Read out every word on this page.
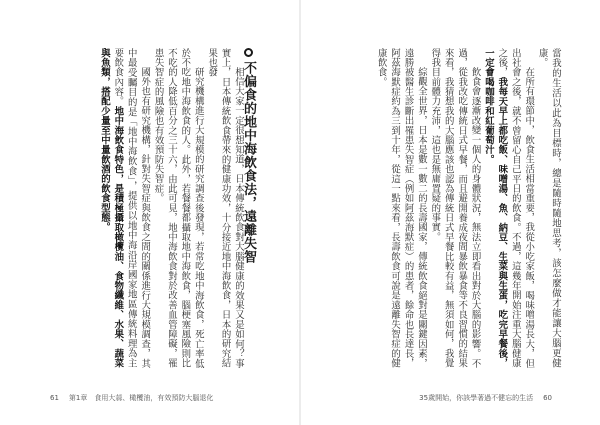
相信大家一定很想知道，日本傳統飲食對大腦健康的效果又是如何？事實上，日本傳統飲食帶來的健康功效，十分接近地中海飲食，日本的研究結果也發

研究機構進行大規模的研究調查後發現，若常吃地中海飲食，死亡率低於不吃地中海飲食的人。此外，若餐餐都攝取地中海飲食，腦梗塞風險則比不吃的人降低百分之三十六，由此可見，地中海飲食對於改善血管障礙，罹患失智症的風險也有效預防失智症。

國外也有研究機構，針對失智症與飲食之間的關係進行大規模調查，其中最受矚目的是「地中海飲食」，提供以地中海沿岸國家地區傳統料理為主要飲食內容。地中海飲食特色，是積極攝取橄欖油、食物纖維、水果、蔬菜與魚類，搭配少量至中量飲酒的飲食型態。	不偏食的地中海飲食法，遠離失智
61 第1章　食用大蒜、橄欖油，有效預防大腦退化

當我的生活以此為目標時，總是隨時隨地思考，該怎麼做才能讓大腦更健康。

在所有環節中，飲食生活相當重要，我從小吃家飯，喝味噌湯長大，但出社會之後，就不曾留心自己平日的飲食。不過，這幾年開始注重大腦健康之後，我每天早上都吃飯、味噌湯、魚、納豆、生菜與生蛋，吃完早餐後，一定會喝咖啡和紅葡萄汁。

飲食會逐漸改變一個人的身體狀況，無法立即看出對於大腦的影響。不過，從我改吃傳統日式早餐，而且避開養成夜間暴飲暴食等不良習慣的結果來看，我猜想我的大腦應該也認為傳統日式早餐比較有益，無須如何，我覺得我目前體力充沛，這也是無庸置疑的事實。

綜觀全世界，日本是數一數二的長壽國家，傳統飲食絕對是關鍵因素，遠勝被醫生診斷出罹患失智症（例如阿茲海默症）的患者，餘命也長達長，阿茲海默症約為三到十年，從這一點來看，長壽飲食可說是遠離失智症的健康飲食。

35歲開始，你該學著過不健忘的生活 60
